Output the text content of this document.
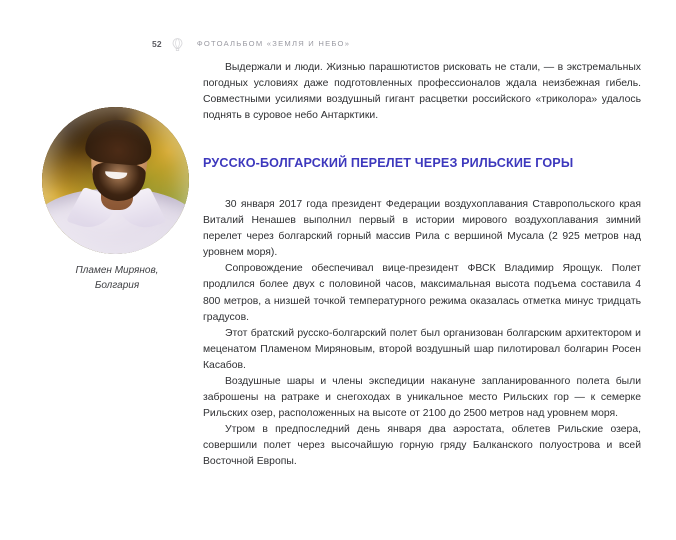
52	ФОТОАЛЬБОМ «ЗЕМЛЯ И НЕБО»
Пламен Мирянов,
Болгария

Выдержали и люди. Жизнью парашютистов рисковать не стали, — в экстремальных погодных условиях даже подготовленных профессионалов ждала неизбежная гибель. Совместными усилиями воздушный гигант расцветки российского «триколора» удалось поднять в суровое небо Антарктики.

РУССКО-БОЛГАРСКИЙ ПЕРЕЛЕТ ЧЕРЕЗ РИЛЬСКИЕ ГОРЫ

30 января 2017 года президент Федерации воздухоплавания Ставропольского края Виталий Ненашев выполнил первый в истории мирового воздухоплавания зимний перелет через болгарский горный массив Рила с вершиной Мусала (2 925 метров над уровнем моря).

Сопровождение обеспечивал вице-президент ФВСК Владимир Ярощук. Полет продлился более двух с половиной часов, максимальная высота подъема составила 4 800 метров, а низшей точкой температурного режима оказалась отметка минус тридцать градусов.

Этот братский русско-болгарский полет был организован болгарским архитектором и меценатом Пламеном Миряновым, второй воздушный шар пилотировал болгарин Росен Касабов.

Воздушные шары и члены экспедиции накануне запланированного полета были заброшены на ратраке и снегоходах в уникальное место Рильских гор — к семерке Рильских озер, расположенных на высоте от 2100 до 2500 метров над уровнем моря.

Утром в предпоследний день января два аэростата, облетев Рильские озера, совершили полет через высочайшую горную гряду Балканского полуострова и всей Восточной Европы.
